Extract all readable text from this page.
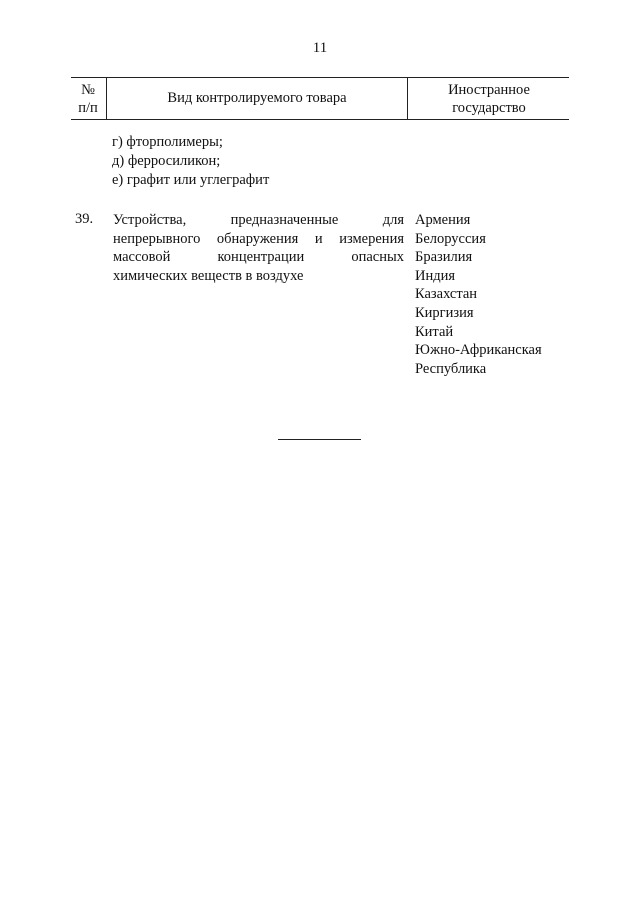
11
№
п/п
Вид контролируемого товара	Иностранное
государство
г) фторполимеры;
д) ферросиликон;
е) графит или углеграфит
39. Устройства, предназначенные для
непрерывного обнаружения и измерения
массовой концентрации опасных
химических веществ в воздухе
Армения
Белоруссия
Бразилия
Индия
Казахстан
Киргизия
Китай
Южно-Африканская
Республика
